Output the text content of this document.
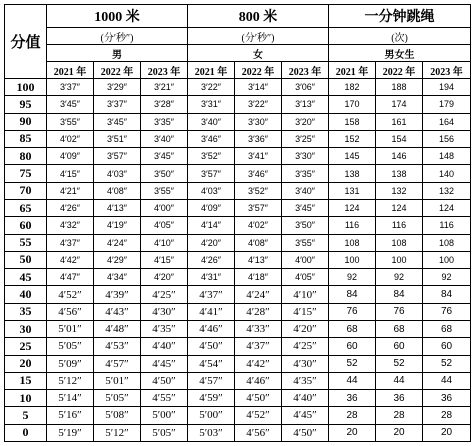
分值	1000 米			800 米			一分钟跳绳		
	(分′秒″)			(分′秒″)			(次)		
	男			女			男女生		
	2021 年	2022 年	2023 年	2021 年	2022 年	2023 年	2021 年	2022 年	2023 年
100	3′37″	3′29″	3′21″	3′22″	3′14″	3′06″	182	188	194
95	3′45″	3′37″	3′28″	3′31″	3′22″	3′13″	170	174	179
90	3′55″	3′45″	3′35″	3′40″	3′30″	3′20″	158	161	164
85	4′02″	3′51″	3′40″	3′46″	3′36″	3′25″	152	154	156
80	4′09″	3′57″	3′45″	3′52″	3′41″	3′30″	145	146	148
75	4′15″	4′03″	3′50″	3′57″	3′46″	3′35″	138	138	140
70	4′21″	4′08″	3′55″	4′03″	3′52″	3′40″	131	132	132
65	4′26″	4′13″	4′00″	4′09″	3′57″	3′45″	124	124	124
60	4′32″	4′19″	4′05″	4′14″	4′02″	3′50″	116	116	116
55	4′37″	4′24″	4′10″	4′20″	4′08″	3′55″	108	108	108
50	4′42″	4′29″	4′15″	4′26″	4′13″	4′00″	100	100	100
45	4′47″	4′34″	4′20″	4′31″	4′18″	4′05″	92	92	92
40	4′52″	4′39″	4′25″	4′37″	4′24″	4′10″	84	84	84
35	4′56″	4′43″	4′30″	4′41″	4′28″	4′15″	76	76	76
30	5′01″	4′48″	4′35″	4′46″	4′33″	4′20″	68	68	68
25	5′05″	4′53″	4′40″	4′50″	4′37″	4′25″	60	60	60
20	5′09″	4′57″	4′45″	4′54″	4′42″	4′30″	52	52	52
15	5′12″	5′01″	4′50″	4′57″	4′46″	4′35″	44	44	44
10	5′14″	5′05″	4′55″	4′59″	4′50″	4′40″	36	36	36
5	5′16″	5′08″	5′00″	5′00″	4′52″	4′45″	28	28	28
0	5′19″	5′12″	5′05″	5′03″	4′56″	4′50″	20	20	20
